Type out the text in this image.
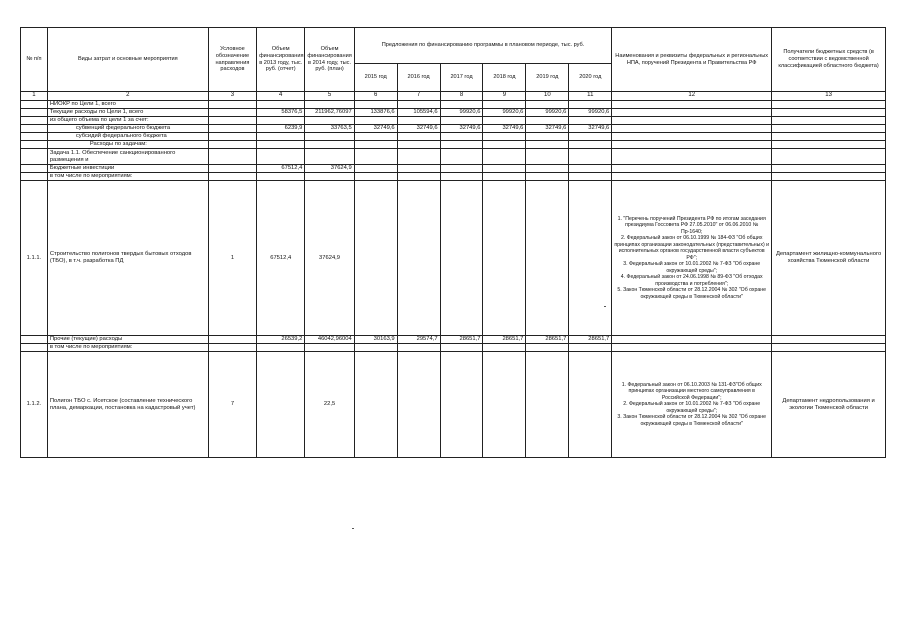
№ п/п	Виды затрат и основные мероприятия	Условное обозначение направления расходов	Объем финансирования в 2013 году, тыс. руб. (отчет)	Объем финансирования в 2014 году, тыс. руб. (план)	Предложения по финансированию программы в плановом периоде, тыс. руб.						Наименования и реквизиты федеральных и региональных НПА, поручений Президента и Правительства РФ	Получатели бюджетных средств (в соответствии с ведомственной классификацией областного бюджета)
					2015 год	2016 год	2017 год	2018 год	2019 год	2020 год		
1	2	3	4	5	6	7	8	9	10	11	12	13
	НИОКР по Цели 1, всего											
	Текущие расходы по Цели 1, всего		58376,5	211962,76097	133876,6	105594,6	99920,6	99920,6	99920,6	99920,6		
	из общего объема по цели 1 за счет:											
	субвенций федерального бюджета		6239,9	33763,5	32749,6	32749,6	32749,6	32749,6	32749,6	32749,6		
	субсидий федерального бюджета											
	Расходы по задачам:											
	Задача 1.1. Обеспечение санкционированного размещения и											
	Бюджетные инвестиции		67512,4	37624,9								
	в том числе по мероприятиям:											
1.1.1.	Строительство полигонов твердых бытовых отходов (ТБО), в т.ч. разработка ПД	1	67512,4	37624,9							1. "Перечень поручений Президента РФ по итогам заседания президиума Госсовета РФ 27.05.2010" от 06.06.2010 № Пр-1640;
2. Федеральный закон от 06.10.1999 № 184-ФЗ "Об общих принципах организации законодательных (представительных) и исполнительных органов государственной власти субъектов РФ";
3. Федеральный закон от 10.01.2002 № 7-ФЗ "Об охране окружающей среды";
4. Федеральный закон от 24.06.1998 № 89-ФЗ "Об отходах производства и потребления";
5. Закон Тюменской области от 28.12.2004 № 302 "Об охране окружающей среды в Тюменской области"	Департамент жилищно-коммунального хозяйства Тюменской области
	Прочие (текущие) расходы		26539,2	46042,96004	30163,9	29574,7	28651,7	28651,7	28651,7	28651,7		
	в том числе по мероприятиям:											
1.1.2.	Полигон ТБО с. Исетское (составление технического плана, демаркации, постановка на кадастровый учет)	7		22,5							1. Федеральный закон от 06.10.2003 № 131-ФЗ"Об общих принципах организации местного самоуправления в Российской Федерации";
2. Федеральный закон от 10.01.2002 № 7-ФЗ "Об охране окружающей среды";
3. Закон Тюменской области от 28.12.2004 № 302 "Об охране окружающей среды в Тюменской области"	Департамент недропользования и экологии Тюменской области
